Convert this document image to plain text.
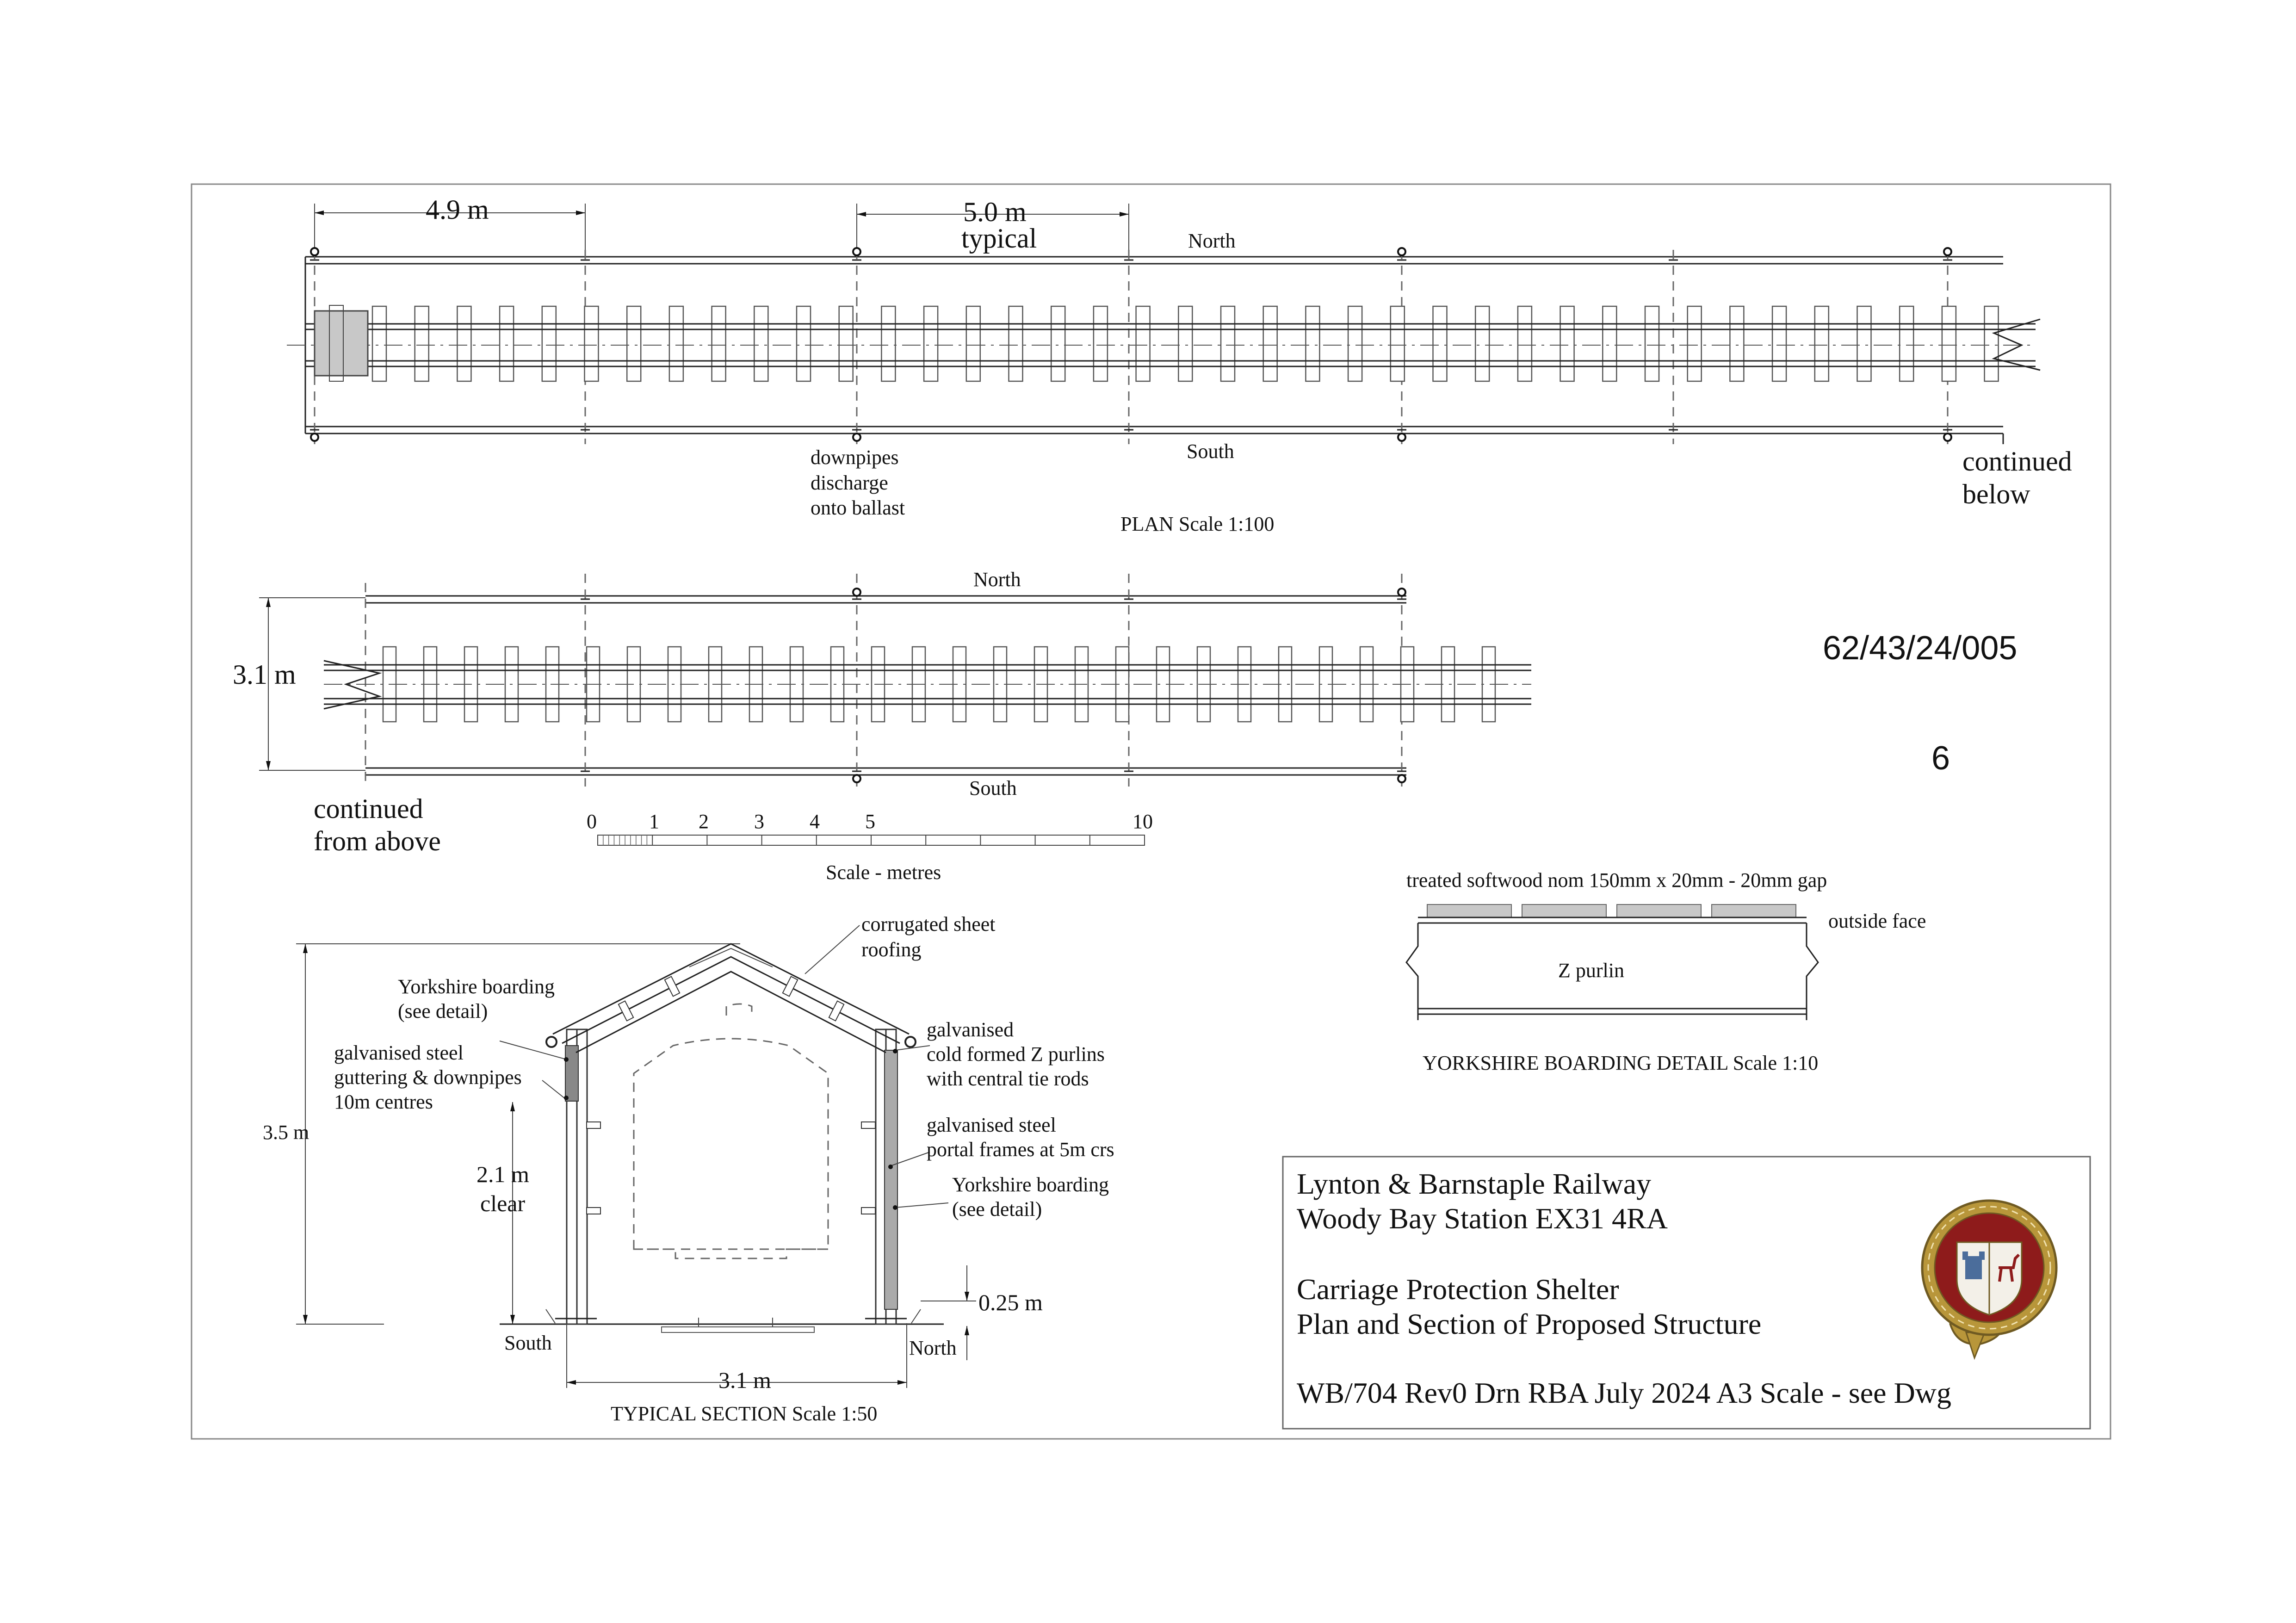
4.9 m	5.0 m
typical	North
South
downpipes
discharge
onto ballast
continued
below
PLAN Scale 1:100
North
3.1 m
South
continued
from above
0	1 2 3 4 5	10
Scale - metres
62/43/24/005
6
3.5 m
2.1 m
clear
0.25 m
3.1 m
South	North
TYPICAL SECTION Scale 1:50
corrugated sheet
roofing
Yorkshire boarding
(see detail)
galvanised steel
guttering & downpipes
10m centres
galvanised
cold formed Z purlins
with central tie rods
galvanised steel
portal frames at 5m crs
Yorkshire boarding
(see detail)
treated softwood nom 150mm x 20mm - 20mm gap
outside face
Z purlin
YORKSHIRE BOARDING DETAIL Scale 1:10
Lynton & Barnstaple Railway
Woody Bay Station EX31 4RA
Carriage Protection Shelter
Plan and Section of Proposed Structure
WB/704 Rev0 Drn RBA July 2024 A3 Scale - see Dwg
